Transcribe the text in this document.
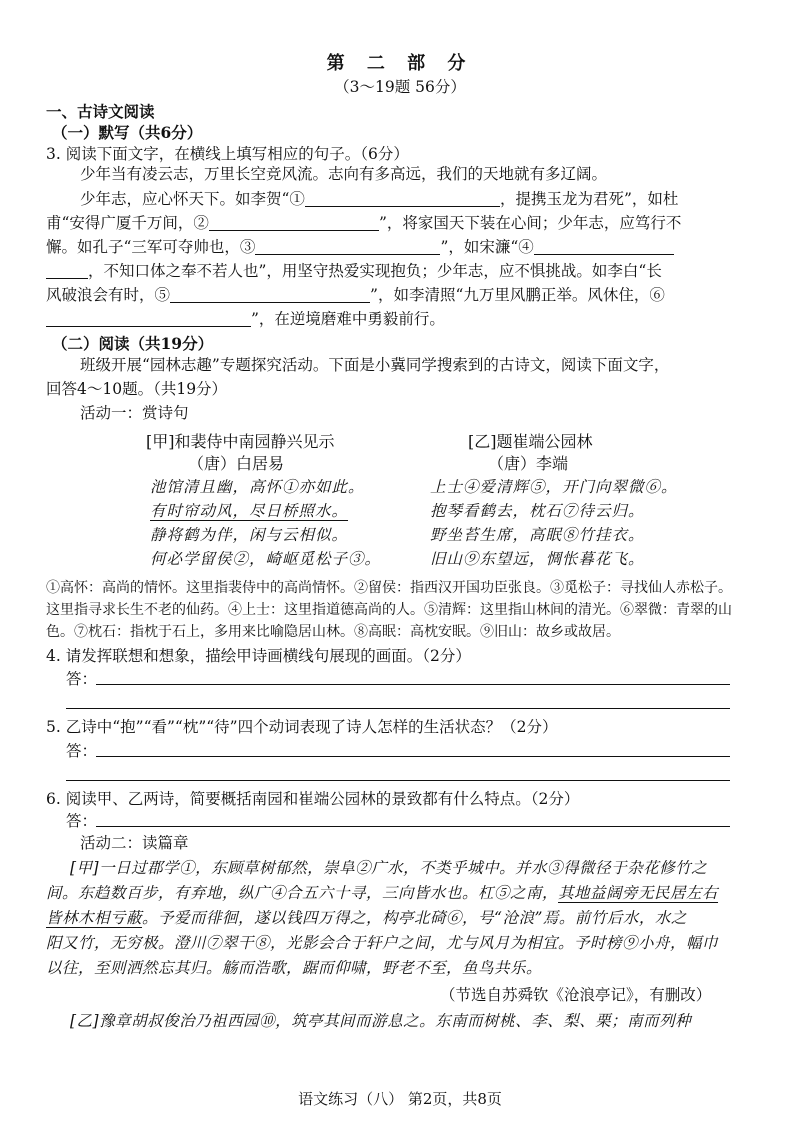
第 二 部 分
（3～19题 56分）
一、古诗文阅读
（一）默写（共6分）
3. 阅读下面文字，在横线上填写相应的句子。（6分）
少年当有凌云志，万里长空竞风流。志向有多高远，我们的天地就有多辽阔。
少年志，应心怀天下。如李贺“①	，提携玉龙为君死”，如杜
甫“安得广厦千万间，②	”，将家国天下装在心间；少年志，应笃行不
懈。如孔子“三军可夺帅也，③	”，如宋濂“④
，不知口体之奉不若人也”，用坚守热爱实现抱负；少年志，应不惧挑战。如李白“长
风破浪会有时，⑤	”，如李清照“九万里风鹏正举。风休住，⑥
”，在逆境磨难中勇毅前行。
（二）阅读（共19分）
班级开展“园林志趣”专题探究活动。下面是小冀同学搜索到的古诗文，阅读下面文字，
回答4～10题。（共19分）
活动一：赏诗句
[甲]和裴侍中南园静兴见示
（唐）白居易
池馆清且幽，高怀①亦如此。
有时帘动风，尽日桥照水。
静将鹤为伴，闲与云相似。
何必学留侯②，崎岖觅松子③。
[乙]题崔端公园林
（唐）李端
上士④爱清辉⑤，开门向翠微⑥。
抱琴看鹤去，枕石⑦待云归。
野坐苔生席，高眠⑧竹挂衣。
旧山⑨东望远，惆怅暮花飞。
①高怀：高尚的情怀。这里指裴侍中的高尚情怀。②留侯：指西汉开国功臣张良。③觅松子：寻找仙人赤松子。
这里指寻求长生不老的仙药。④上士：这里指道德高尚的人。⑤清辉：这里指山林间的清光。⑥翠微：青翠的山
色。⑦枕石：指枕于石上，多用来比喻隐居山林。⑧高眠：高枕安眠。⑨旧山：故乡或故居。
4. 请发挥联想和想象，描绘甲诗画横线句展现的画面。（2分）
答：
5. 乙诗中“抱”“看”“枕”“待”四个动词表现了诗人怎样的生活状态？（2分）
答：
6. 阅读甲、乙两诗，简要概括南园和崔端公园林的景致都有什么特点。（2分）
答：
活动二：读篇章
[甲]一日过郡学①，东顾草树郁然，崇阜②广水，不类乎城中。并水③得微径于杂花修竹之
间。东趋数百步，有弃地，纵广④合五六十寻，三向皆水也。杠⑤之南，其地益阔旁无民居左右
皆林木相亏蔽。予爱而徘徊，遂以钱四万得之，构亭北碕⑥，号“沧浪”焉。前竹后水，水之
阳又竹，无穷极。澄川⑦翠干⑧，光影会合于轩户之间，尤与风月为相宜。予时榜⑨小舟，幅巾
以往，至则洒然忘其归。觞而浩歌，踞而仰啸，野老不至，鱼鸟共乐。
（节选自苏舜钦《沧浪亭记》，有删改）
[乙]豫章胡叔俊治乃祖西园⑩，筑亭其间而游息之。东南而树桃、李、梨、栗；南而列种
语文练习（八） 第2页，共8页
